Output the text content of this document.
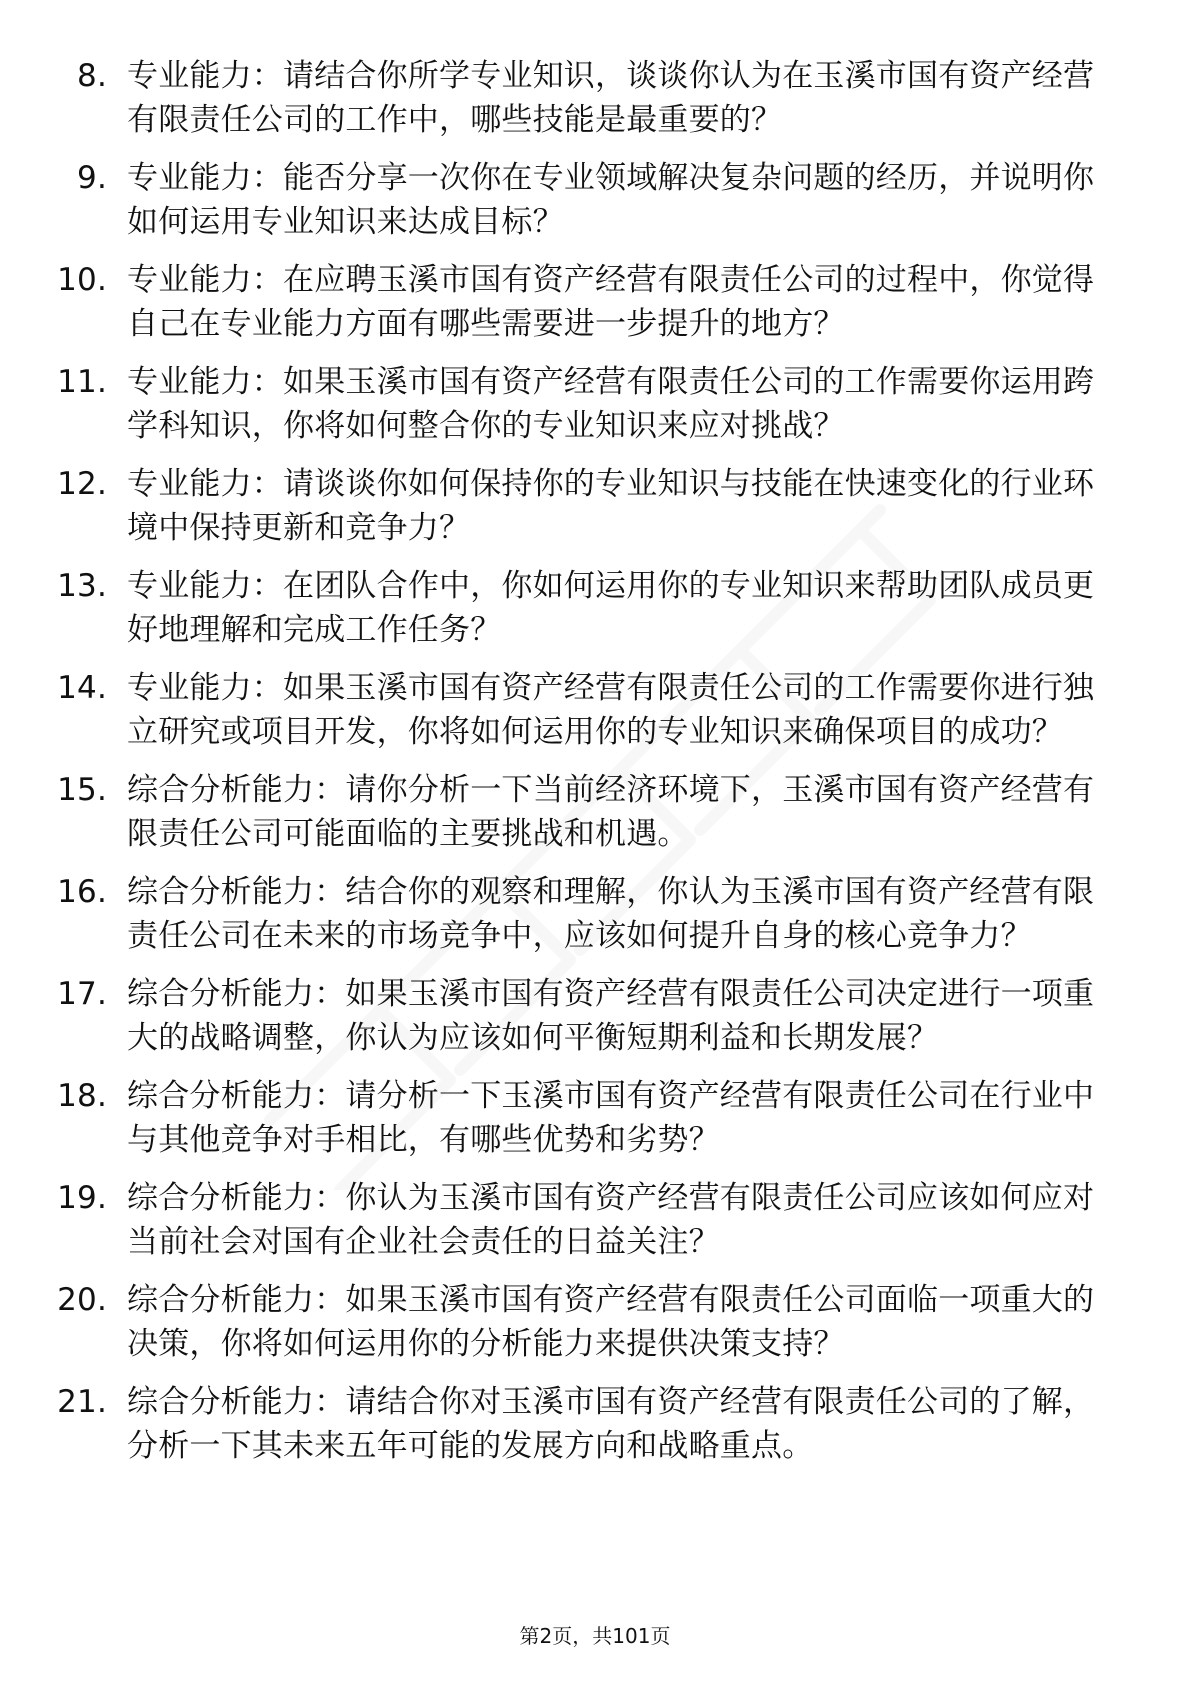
8. 专业能力：请结合你所学专业知识，谈谈你认为在玉溪市国有资产经营有限责任公司的工作中，哪些技能是最重要的？
9. 专业能力：能否分享一次你在专业领域解决复杂问题的经历，并说明你如何运用专业知识来达成目标？
10. 专业能力：在应聘玉溪市国有资产经营有限责任公司的过程中，你觉得自己在专业能力方面有哪些需要进一步提升的地方？
11. 专业能力：如果玉溪市国有资产经营有限责任公司的工作需要你运用跨学科知识，你将如何整合你的专业知识来应对挑战？
12. 专业能力：请谈谈你如何保持你的专业知识与技能在快速变化的行业环境中保持更新和竞争力？
13. 专业能力：在团队合作中，你如何运用你的专业知识来帮助团队成员更好地理解和完成工作任务？
14. 专业能力：如果玉溪市国有资产经营有限责任公司的工作需要你进行独立研究或项目开发，你将如何运用你的专业知识来确保项目的成功？
15. 综合分析能力：请你分析一下当前经济环境下，玉溪市国有资产经营有限责任公司可能面临的主要挑战和机遇。
16. 综合分析能力：结合你的观察和理解，你认为玉溪市国有资产经营有限责任公司在未来的市场竞争中，应该如何提升自身的核心竞争力？
17. 综合分析能力：如果玉溪市国有资产经营有限责任公司决定进行一项重大的战略调整，你认为应该如何平衡短期利益和长期发展？
18. 综合分析能力：请分析一下玉溪市国有资产经营有限责任公司在行业中与其他竞争对手相比，有哪些优势和劣势？
19. 综合分析能力：你认为玉溪市国有资产经营有限责任公司应该如何应对当前社会对国有企业社会责任的日益关注？
20. 综合分析能力：如果玉溪市国有资产经营有限责任公司面临一项重大的决策，你将如何运用你的分析能力来提供决策支持？
21. 综合分析能力：请结合你对玉溪市国有资产经营有限责任公司的了解，分析一下其未来五年可能的发展方向和战略重点。
第2页，共101页
